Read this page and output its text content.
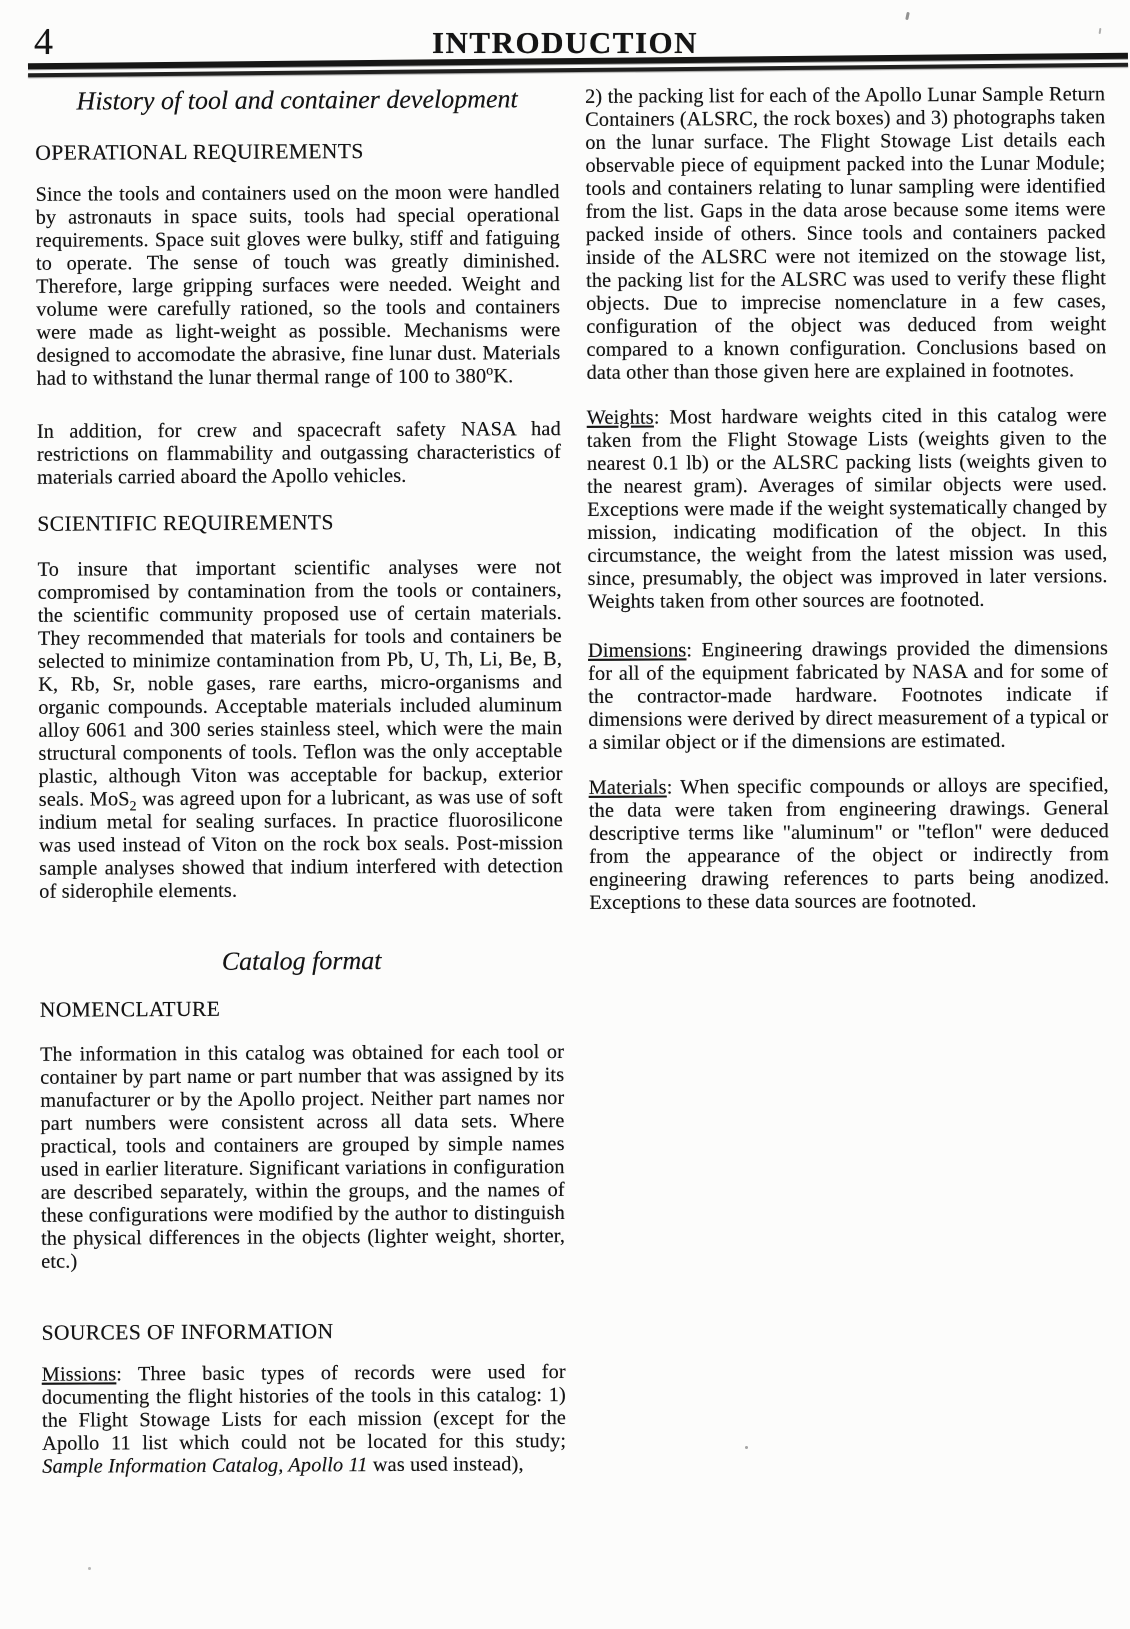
4	INTRODUCTION
History of tool and container development
OPERATIONAL REQUIREMENTS

Since the tools and containers used on the moon were handled by astronauts in space suits, tools had special operational requirements. Space suit gloves were bulky, stiff and fatiguing to operate. The sense of touch was greatly diminished. Therefore, large gripping surfaces were needed. Weight and volume were carefully rationed, so the tools and containers were made as light-weight as possible. Mechanisms were designed to accomodate the abrasive, fine lunar dust. Materials had to withstand the lunar thermal range of 100 to 380$^o$K.

In addition, for crew and spacecraft safety NASA had restrictions on flammability and outgassing characteristics of materials carried aboard the Apollo vehicles.

SCIENTIFIC REQUIREMENTS

To insure that important scientific analyses were not compromised by contamination from the tools or containers, the scientific community proposed use of certain materials. They recommended that materials for tools and containers be selected to minimize contamination from Pb, U, Th, Li, Be, B, K, Rb, Sr, noble gases, rare earths, micro-organisms and organic compounds. Acceptable materials included aluminum alloy 6061 and 300 series stainless steel, which were the main structural components of tools. Teflon was the only acceptable plastic, although Viton was acceptable for backup, exterior seals. MoS$_2$ was agreed upon for a lubricant, as was use of soft indium metal for sealing surfaces. In practice fluorosilicone was used instead of Viton on the rock box seals. Post-mission sample analyses showed that indium interfered with detection of siderophile elements.

Catalog format
NOMENCLATURE

The information in this catalog was obtained for each tool or container by part name or part number that was assigned by its manufacturer or by the Apollo project. Neither part names nor part numbers were consistent across all data sets. Where practical, tools and containers are grouped by simple names used in earlier literature. Significant variations in configuration are described separately, within the groups, and the names of these configurations were modified by the author to distinguish the physical differences in the objects (lighter weight, shorter, etc.)

SOURCES OF INFORMATION

Missions: Three basic types of records were used for documenting the flight histories of the tools in this catalog: 1) the Flight Stowage Lists for each mission (except for the Apollo 11 list which could not be located for this study; Sample Information Catalog, Apollo 11 was used instead),

2) the packing list for each of the Apollo Lunar Sample Return Containers (ALSRC, the rock boxes) and 3) photographs taken on the lunar surface. The Flight Stowage List details each observable piece of equipment packed into the Lunar Module; tools and containers relating to lunar sampling were identified from the list. Gaps in the data arose because some items were packed inside of others. Since tools and containers packed inside of the ALSRC were not itemized on the stowage list, the packing list for the ALSRC was used to verify these flight objects. Due to imprecise nomenclature in a few cases, configuration of the object was deduced from weight compared to a known configuration. Conclusions based on data other than those given here are explained in footnotes.

Weights: Most hardware weights cited in this catalog were taken from the Flight Stowage Lists (weights given to the nearest 0.1 lb) or the ALSRC packing lists (weights given to the nearest gram). Averages of similar objects were used. Exceptions were made if the weight systematically changed by mission, indicating modification of the object. In this circumstance, the weight from the latest mission was used, since, presumably, the object was improved in later versions. Weights taken from other sources are footnoted.

Dimensions: Engineering drawings provided the dimensions for all of the equipment fabricated by NASA and for some of the contractor-made hardware. Footnotes indicate if dimensions were derived by direct measurement of a typical or a similar object or if the dimensions are estimated.

Materials: When specific compounds or alloys are specified, the data were taken from engineering drawings. General descriptive terms like "aluminum" or "teflon" were deduced from the appearance of the object or indirectly from engineering drawing references to parts being anodized. Exceptions to these data sources are footnoted.
